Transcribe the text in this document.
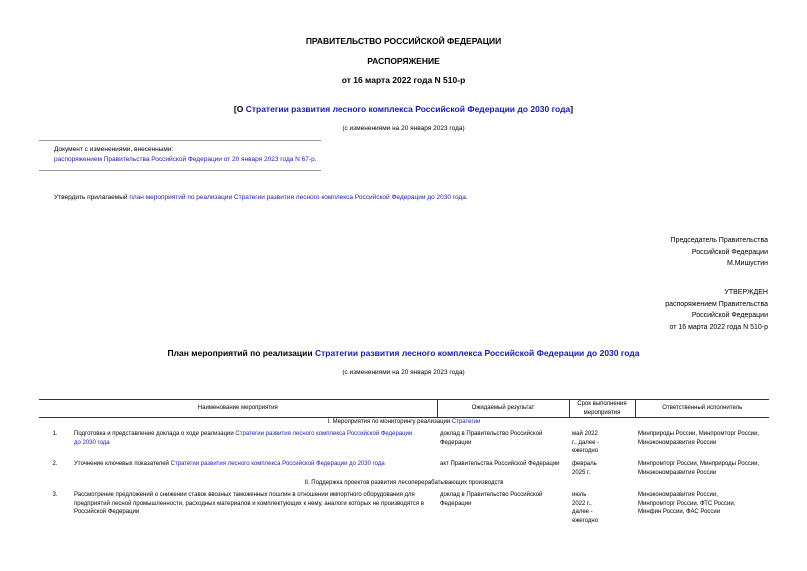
ПРАВИТЕЛЬСТВО РОССИЙСКОЙ ФЕДЕРАЦИИ
РАСПОРЯЖЕНИЕ
от 16 марта 2022 года N 510-р
[О Стратегии развития лесного комплекса Российской Федерации до 2030 года]
(с изменениями на 20 января 2023 года)
Документ с изменениями, внесенными:
распоряжением Правительства Российской Федерации от 20 января 2023 года N 67-р.
Утвердить прилагаемый план мероприятий по реализации Стратегии развития лесного комплекса Российской Федерации до 2030 года.
Председатель Правительства
Российской Федерации
М.Мишустин
УТВЕРЖДЕН
распоряжением Правительства
Российской Федерации
от 16 марта 2022 года N 510-р
План мероприятий по реализации Стратегии развития лесного комплекса Российской Федерации до 2030 года
(с изменениями на 20 января 2023 года)
Наименование мероприятия		Ожидаемый результат	Срок выполнения мероприятия	Ответственный исполнитель
I. Мероприятия по мониторингу реализации Стратегии				
1.	Подготовка и представление доклада о ходе реализации Стратегии развития лесного комплекса Российской Федерации до 2030 года	доклад в Правительство Российской Федерации	май 2022 г., далее - ежегодно	Минприроды России, Минпромторг России, Минэкономразвития России
2.	Уточнение ключевых показателей Стратегии развития лесного комплекса Российской Федерации до 2030 года	акт Правительства Российской Федерации	февраль 2025 г.	Минпромторг России, Минприроды России, Минэкономразвития России
II. Поддержка проектов развития лесоперерабатывающих производств				
3.	Рассмотрение предложений о снижении ставок ввозных таможенных пошлин в отношении импортного оборудования для предприятий лесной промышленности, расходных материалов и комплектующих к нему, аналоги которых не производятся в Российской Федерации	доклад в Правительство Российской Федерации	июль 2022 г., далее - ежегодно	Минэкономразвития России, Минпромторг России, ФТС России, Минфин России, ФАС России
